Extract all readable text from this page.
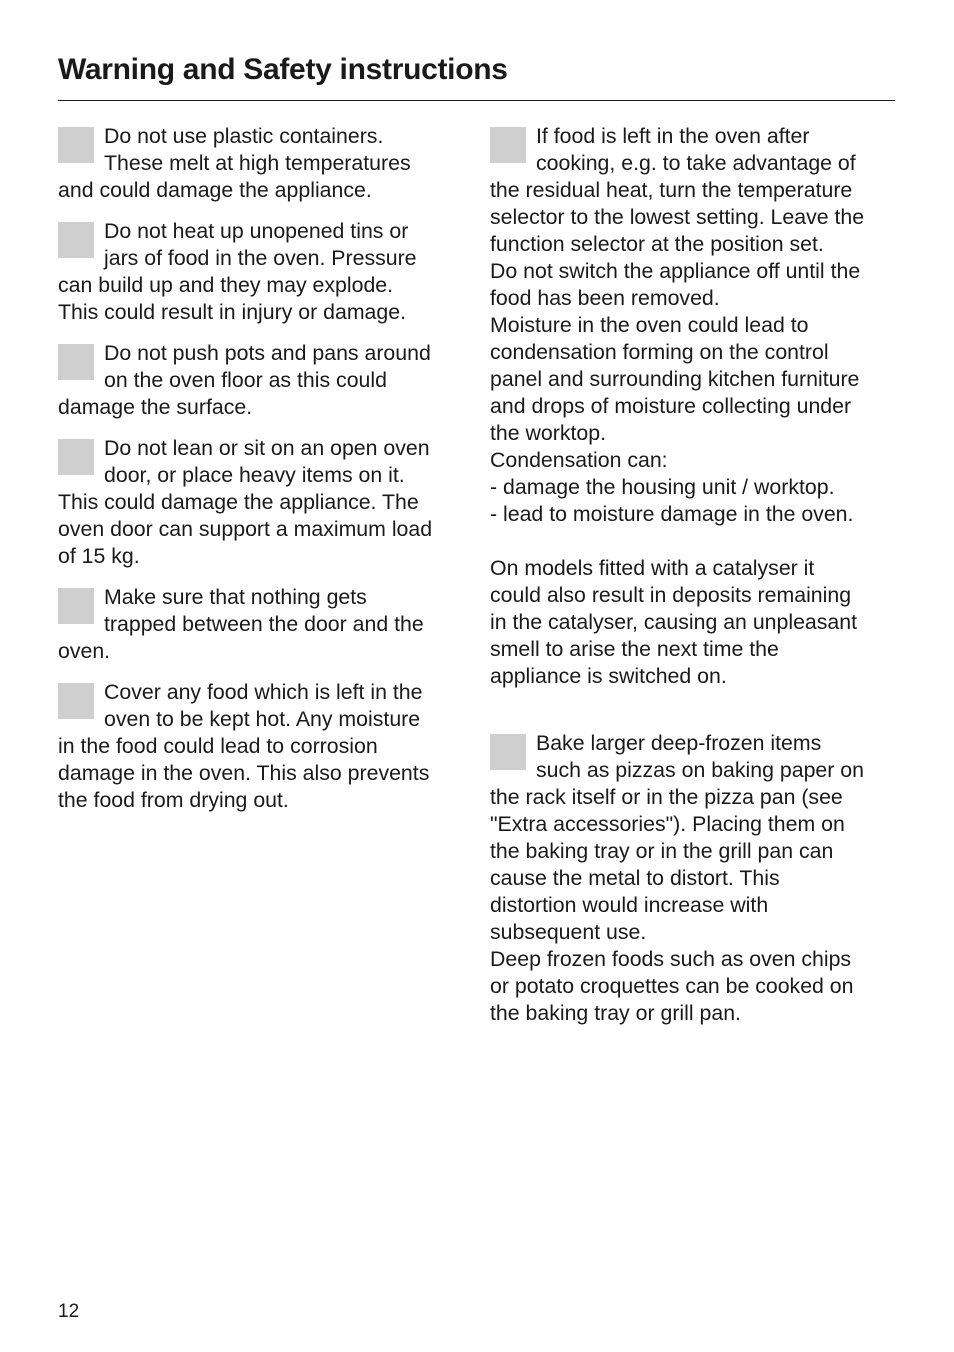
Warning and Safety instructions
Do not use plastic containers.
These melt at high temperatures
and could damage the appliance.
Do not heat up unopened tins or
jars of food in the oven. Pressure
can build up and they may explode.
This could result in injury or damage.
Do not push pots and pans around
on the oven floor as this could
damage the surface.
Do not lean or sit on an open oven
door, or place heavy items on it.
This could damage the appliance. The
oven door can support a maximum load
of 15 kg.
Make sure that nothing gets
trapped between the door and the
oven.
Cover any food which is left in the
oven to be kept hot. Any moisture
in the food could lead to corrosion
damage in the oven. This also prevents
the food from drying out.
If food is left in the oven after
cooking, e.g. to take advantage of
the residual heat, turn the temperature
selector to the lowest setting. Leave the
function selector at the position set.
Do not switch the appliance off until the
food has been removed.
Moisture in the oven could lead to
condensation forming on the control
panel and surrounding kitchen furniture
and drops of moisture collecting under
the worktop.
Condensation can:
- damage the housing unit / worktop.
- lead to moisture damage in the oven.

On models fitted with a catalyser it
could also result in deposits remaining
in the catalyser, causing an unpleasant
smell to arise the next time the
appliance is switched on.
Bake larger deep-frozen items
such as pizzas on baking paper on
the rack itself or in the pizza pan (see
"Extra accessories"). Placing them on
the baking tray or in the grill pan can
cause the metal to distort. This
distortion would increase with
subsequent use.
Deep frozen foods such as oven chips
or potato croquettes can be cooked on
the baking tray or grill pan.
12
